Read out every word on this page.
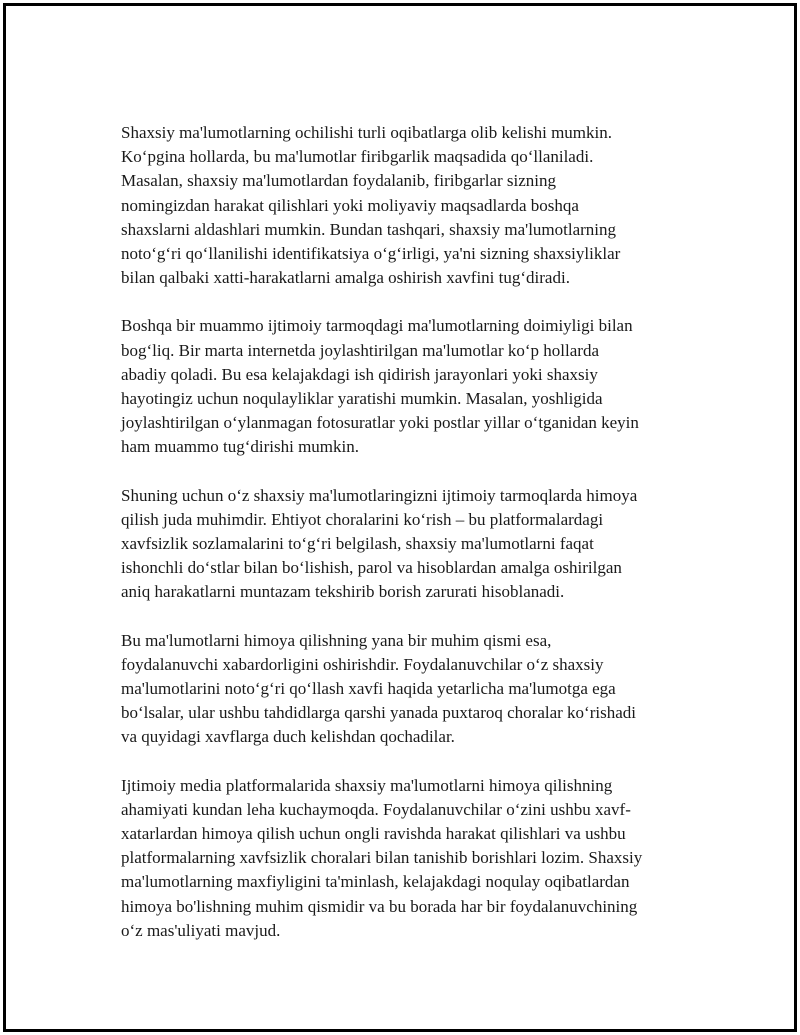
Shaxsiy ma'lumotlarning ochilishi turli oqibatlarga olib kelishi mumkin.
Ko‘pgina hollarda, bu ma'lumotlar firibgarlik maqsadida qo‘llaniladi.
Masalan, shaxsiy ma'lumotlardan foydalanib, firibgarlar sizning
nomingizdan harakat qilishlari yoki moliyaviy maqsadlarda boshqa
shaxslarni aldashlari mumkin. Bundan tashqari, shaxsiy ma'lumotlarning
noto‘g‘ri qo‘llanilishi identifikatsiya o‘g‘irligi, ya'ni sizning shaxsiyliklar
bilan qalbaki xatti-harakatlarni amalga oshirish xavfini tug‘diradi.

Boshqa bir muammo ijtimoiy tarmoqdagi ma'lumotlarning doimiyligi bilan
bog‘liq. Bir marta internetda joylashtirilgan ma'lumotlar ko‘p hollarda
abadiy qoladi. Bu esa kelajakdagi ish qidirish jarayonlari yoki shaxsiy
hayotingiz uchun noqulayliklar yaratishi mumkin. Masalan, yoshligida
joylashtirilgan o‘ylanmagan fotosuratlar yoki postlar yillar o‘tganidan keyin
ham muammo tug‘dirishi mumkin.

Shuning uchun o‘z shaxsiy ma'lumotlaringizni ijtimoiy tarmoqlarda himoya
qilish juda muhimdir. Ehtiyot choralarini ko‘rish – bu platformalardagi
xavfsizlik sozlamalarini to‘g‘ri belgilash, shaxsiy ma'lumotlarni faqat
ishonchli do‘stlar bilan bo‘lishish, parol va hisoblardan amalga oshirilgan
aniq harakatlarni muntazam tekshirib borish zarurati hisoblanadi.

Bu ma'lumotlarni himoya qilishning yana bir muhim qismi esa,
foydalanuvchi xabardorligini oshirishdir. Foydalanuvchilar o‘z shaxsiy
ma'lumotlarini noto‘g‘ri qo‘llash xavfi haqida yetarlicha ma'lumotga ega
bo‘lsalar, ular ushbu tahdidlarga qarshi yanada puxtaroq choralar ko‘rishadi
va quyidagi xavflarga duch kelishdan qochadilar.

Ijtimoiy media platformalarida shaxsiy ma'lumotlarni himoya qilishning
ahamiyati kundan leha kuchaymoqda. Foydalanuvchilar o‘zini ushbu xavf-
xatarlardan himoya qilish uchun ongli ravishda harakat qilishlari va ushbu
platformalarning xavfsizlik choralari bilan tanishib borishlari lozim. Shaxsiy
ma'lumotlarning maxfiyligini ta'minlash, kelajakdagi noqulay oqibatlardan
himoya bo'lishning muhim qismidir va bu borada har bir foydalanuvchining
o‘z mas'uliyati mavjud.
